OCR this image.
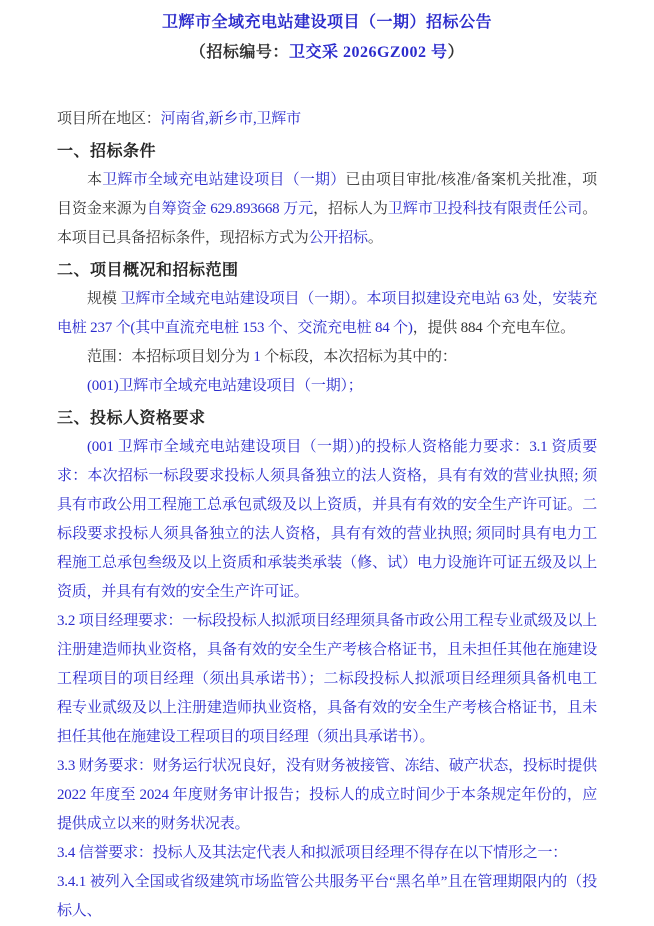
卫辉市全域充电站建设项目（一期）招标公告
（招标编号：卫交采 2026GZ002 号）

项目所在地区：河南省,新乡市,卫辉市

一、招标条件

本卫辉市全域充电站建设项目（一期）已由项目审批/核准/备案机关批准，项目资金来源为自筹资金 629.893668 万元，招标人为卫辉市卫投科技有限责任公司。本项目已具备招标条件，现招标方式为公开招标。

二、项目概况和招标范围

规模 卫辉市全域充电站建设项目（一期）。本项目拟建设充电站 63 处，安装充电桩 237 个(其中直流充电桩 153 个、交流充电桩 84 个)，提供 884 个充电车位。

范围：本招标项目划分为 1 个标段，本次招标为其中的：

(001)卫辉市全域充电站建设项目（一期）；

三、投标人资格要求

(001 卫辉市全域充电站建设项目（一期）)的投标人资格能力要求：3.1 资质要求：本次招标一标段要求投标人须具备独立的法人资格，具有有效的营业执照; 须具有市政公用工程施工总承包贰级及以上资质，并具有有效的安全生产许可证。二标段要求投标人须具备独立的法人资格，具有有效的营业执照; 须同时具有电力工程施工总承包叁级及以上资质和承装类承装（修、试）电力设施许可证五级及以上资质，并具有有效的安全生产许可证。

3.2 项目经理要求：一标段投标人拟派项目经理须具备市政公用工程专业贰级及以上注册建造师执业资格，具备有效的安全生产考核合格证书，且未担任其他在施建设工程项目的项目经理（须出具承诺书）；二标段投标人拟派项目经理须具备机电工程专业贰级及以上注册建造师执业资格，具备有效的安全生产考核合格证书，且未担任其他在施建设工程项目的项目经理（须出具承诺书）。

3.3 财务要求：财务运行状况良好，没有财务被接管、冻结、破产状态，投标时提供 2022 年度至 2024 年度财务审计报告；投标人的成立时间少于本条规定年份的，应提供成立以来的财务状况表。

3.4 信誉要求：投标人及其法定代表人和拟派项目经理不得存在以下情形之一：

3.4.1 被列入全国或省级建筑市场监管公共服务平台“黑名单”且在管理期限内的（投标人、
